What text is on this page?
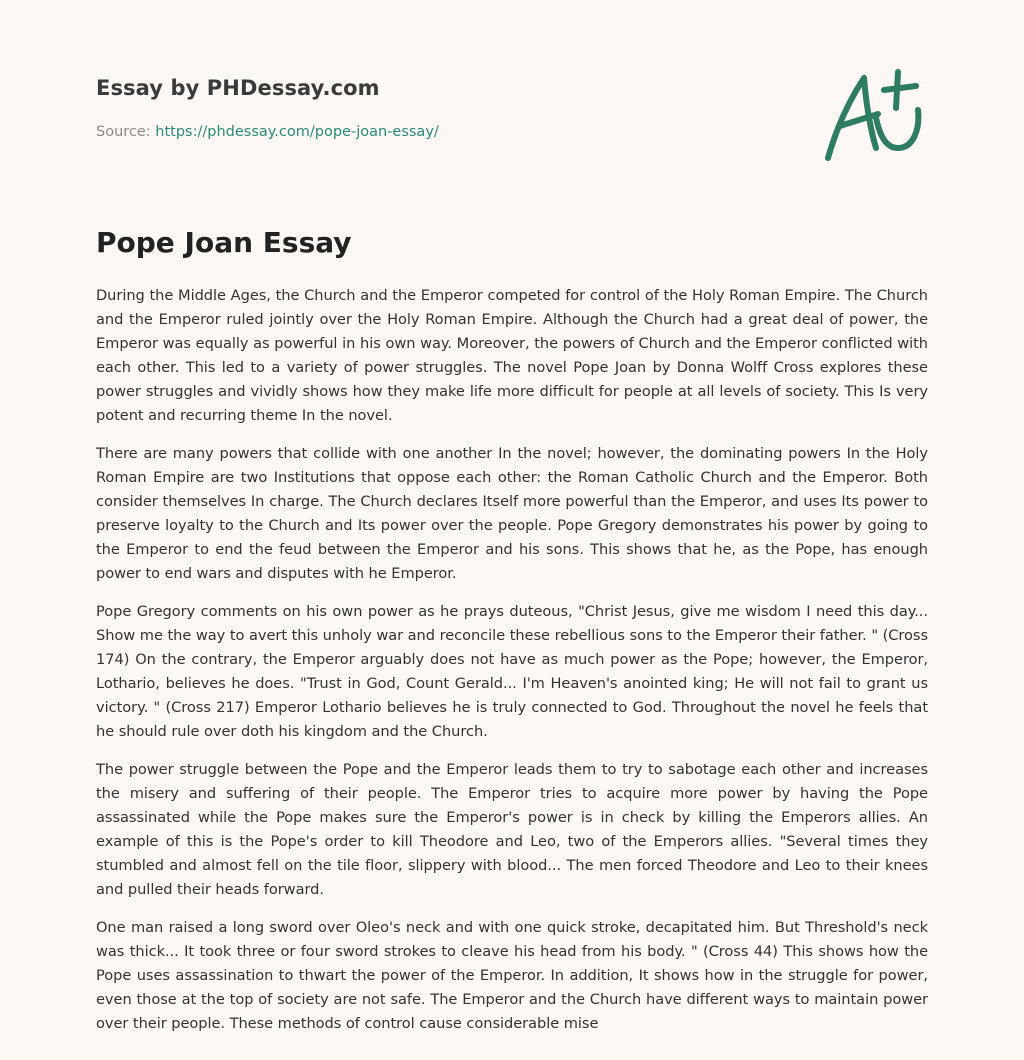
Essay by PHDessay.com
Source: https://phdessay.com/pope-joan-essay/
Pope Joan Essay

During the Middle Ages, the Church and the Emperor competed for control of the Holy Roman Empire. The Church and the Emperor ruled jointly over the Holy Roman Empire. Although the Church had a great deal of power, the Emperor was equally as powerful in his own way. Moreover, the powers of Church and the Emperor conflicted with each other. This led to a variety of power struggles. The novel Pope Joan by Donna Wolff Cross explores these power struggles and vividly shows how they make life more difficult for people at all levels of society. This Is very potent and recurring theme In the novel.

There are many powers that collide with one another In the novel; however, the dominating powers In the Holy Roman Empire are two Institutions that oppose each other: the Roman Catholic Church and the Emperor. Both consider themselves In charge. The Church declares Itself more powerful than the Emperor, and uses Its power to preserve loyalty to the Church and Its power over the people. Pope Gregory demonstrates his power by going to the Emperor to end the feud between the Emperor and his sons. This shows that he, as the Pope, has enough power to end wars and disputes with he Emperor.

Pope Gregory comments on his own power as he prays duteous, "Christ Jesus, give me wisdom I need this day... Show me the way to avert this unholy war and reconcile these rebellious sons to the Emperor their father. " (Cross 174) On the contrary, the Emperor arguably does not have as much power as the Pope; however, the Emperor, Lothario, believes he does. "Trust in God, Count Gerald... I'm Heaven's anointed king; He will not fail to grant us victory. " (Cross 217) Emperor Lothario believes he is truly connected to God. Throughout the novel he feels that he should rule over doth his kingdom and the Church.

The power struggle between the Pope and the Emperor leads them to try to sabotage each other and increases the misery and suffering of their people. The Emperor tries to acquire more power by having the Pope assassinated while the Pope makes sure the Emperor's power is in check by killing the Emperors allies. An example of this is the Pope's order to kill Theodore and Leo, two of the Emperors allies. "Several times they stumbled and almost fell on the tile floor, slippery with blood... The men forced Theodore and Leo to their knees and pulled their heads forward.

One man raised a long sword over Oleo's neck and with one quick stroke, decapitated him. But Threshold's neck was thick... It took three or four sword strokes to cleave his head from his body. " (Cross 44) This shows how the Pope uses assassination to thwart the power of the Emperor. In addition, It shows how in the struggle for power, even those at the top of society are not safe. The Emperor and the Church have different ways to maintain power over their people. These methods of control cause considerable mise
